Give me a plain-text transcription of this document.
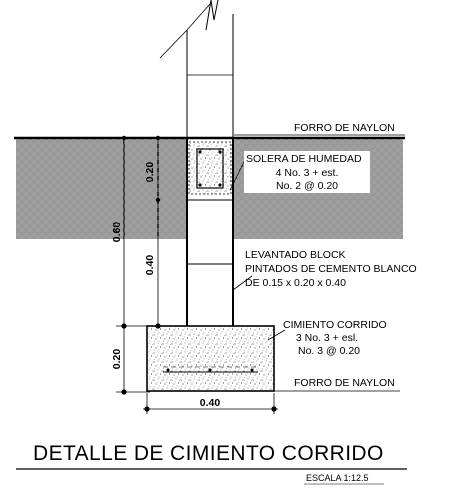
0.20
0.60
0.40
0.20
0.40
FORRO DE NAYLON
SOLERA DE HUMEDAD
4 No. 3 + est.
No. 2 @ 0.20
LEVANTADO BLOCK
PINTADOS DE CEMENTO BLANCO
DE 0.15 x 0.20 x 0.40
CIMIENTO CORRIDO
3 No. 3 + esl.
No. 3 @ 0.20
FORRO DE NAYLON
DETALLE DE CIMIENTO CORRIDO
ESCALA 1:12.5
